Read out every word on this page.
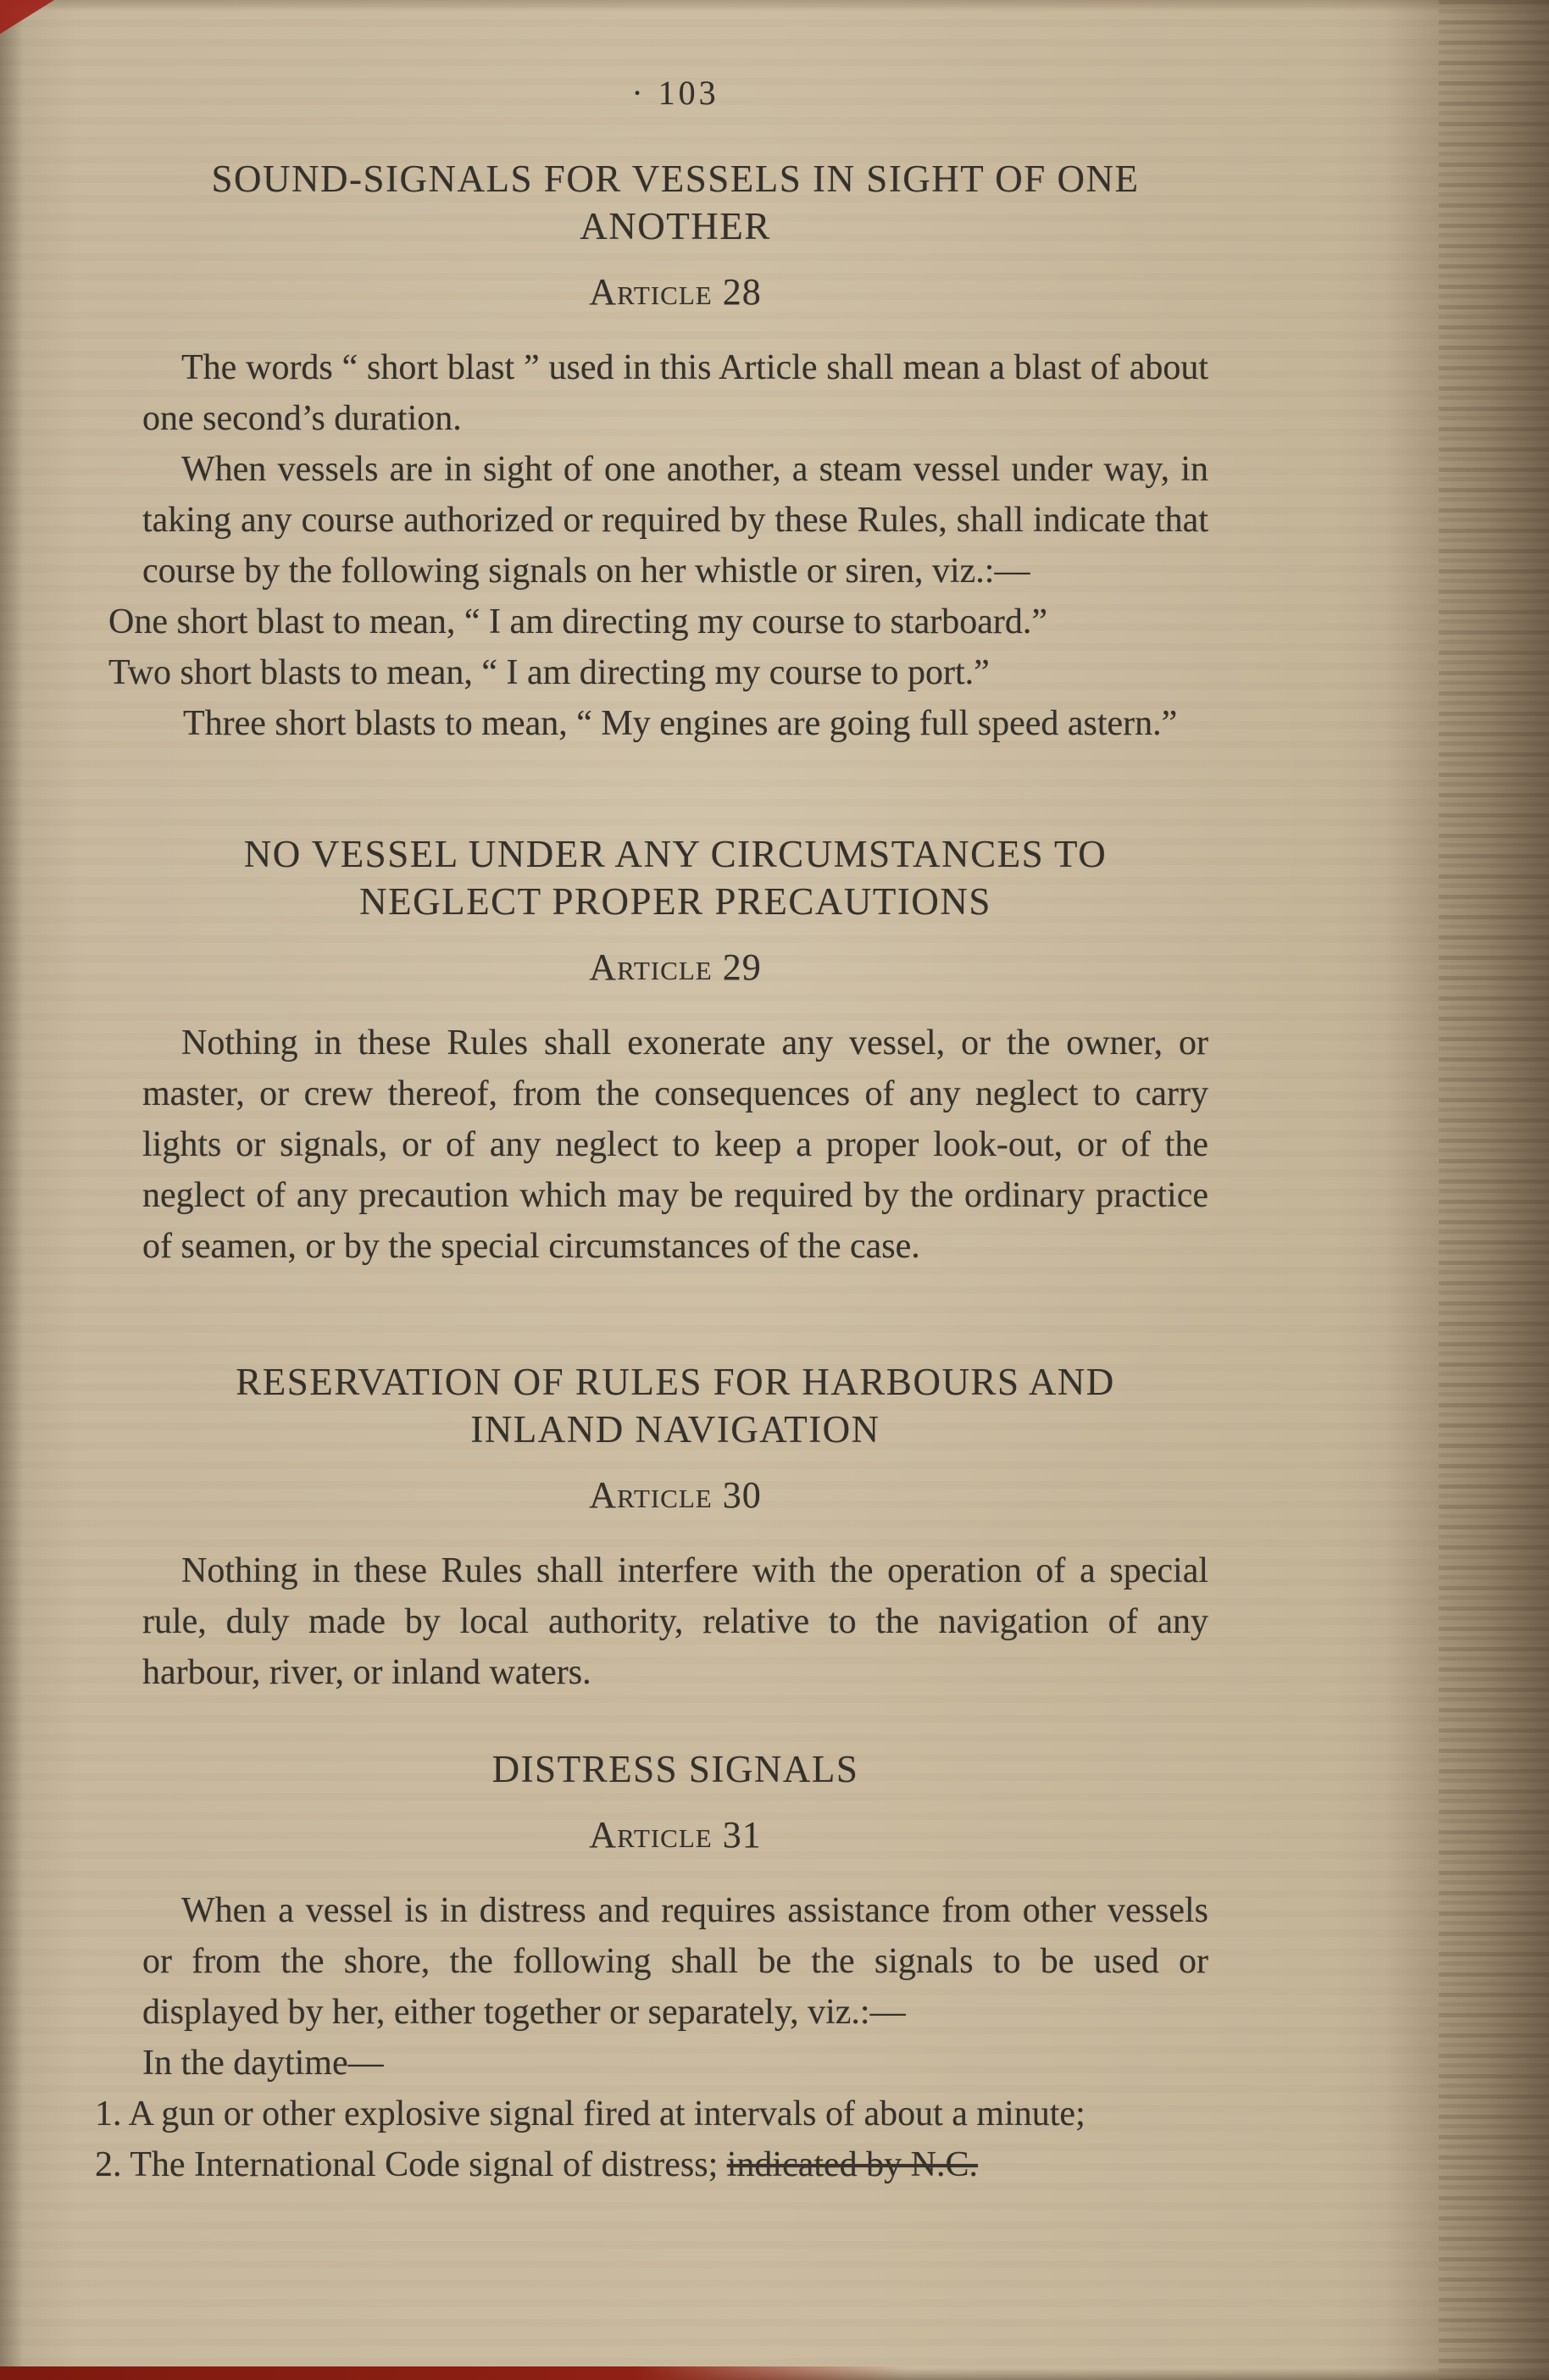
· 103
SOUND-SIGNALS FOR VESSELS IN SIGHT OF ONE
ANOTHER
Article 28

The words “ short blast ” used in this Article shall mean a blast of about one second’s duration.

When vessels are in sight of one another, a steam vessel under way, in taking any course authorized or required by these Rules, shall indicate that course by the following signals on her whistle or siren, viz.:—

One short blast to mean, “ I am directing my course to starboard.”

Two short blasts to mean, “ I am directing my course to port.”

Three short blasts to mean, “ My engines are going full speed astern.”

NO VESSEL UNDER ANY CIRCUMSTANCES TO
NEGLECT PROPER PRECAUTIONS
Article 29

Nothing in these Rules shall exonerate any vessel, or the owner, or master, or crew thereof, from the consequences of any neglect to carry lights or signals, or of any neglect to keep a proper look-out, or of the neglect of any precaution which may be required by the ordinary practice of seamen, or by the special circumstances of the case.

RESERVATION OF RULES FOR HARBOURS AND
INLAND NAVIGATION
Article 30

Nothing in these Rules shall interfere with the operation of a special rule, duly made by local authority, relative to the navigation of any harbour, river, or inland waters.

DISTRESS SIGNALS
Article 31

When a vessel is in distress and requires assistance from other vessels or from the shore, the following shall be the signals to be used or displayed by her, either together or separately, viz.:—

In the daytime—

1. A gun or other explosive signal fired at intervals of about a minute;

2. The International Code signal of distress; indicated by N.C.
